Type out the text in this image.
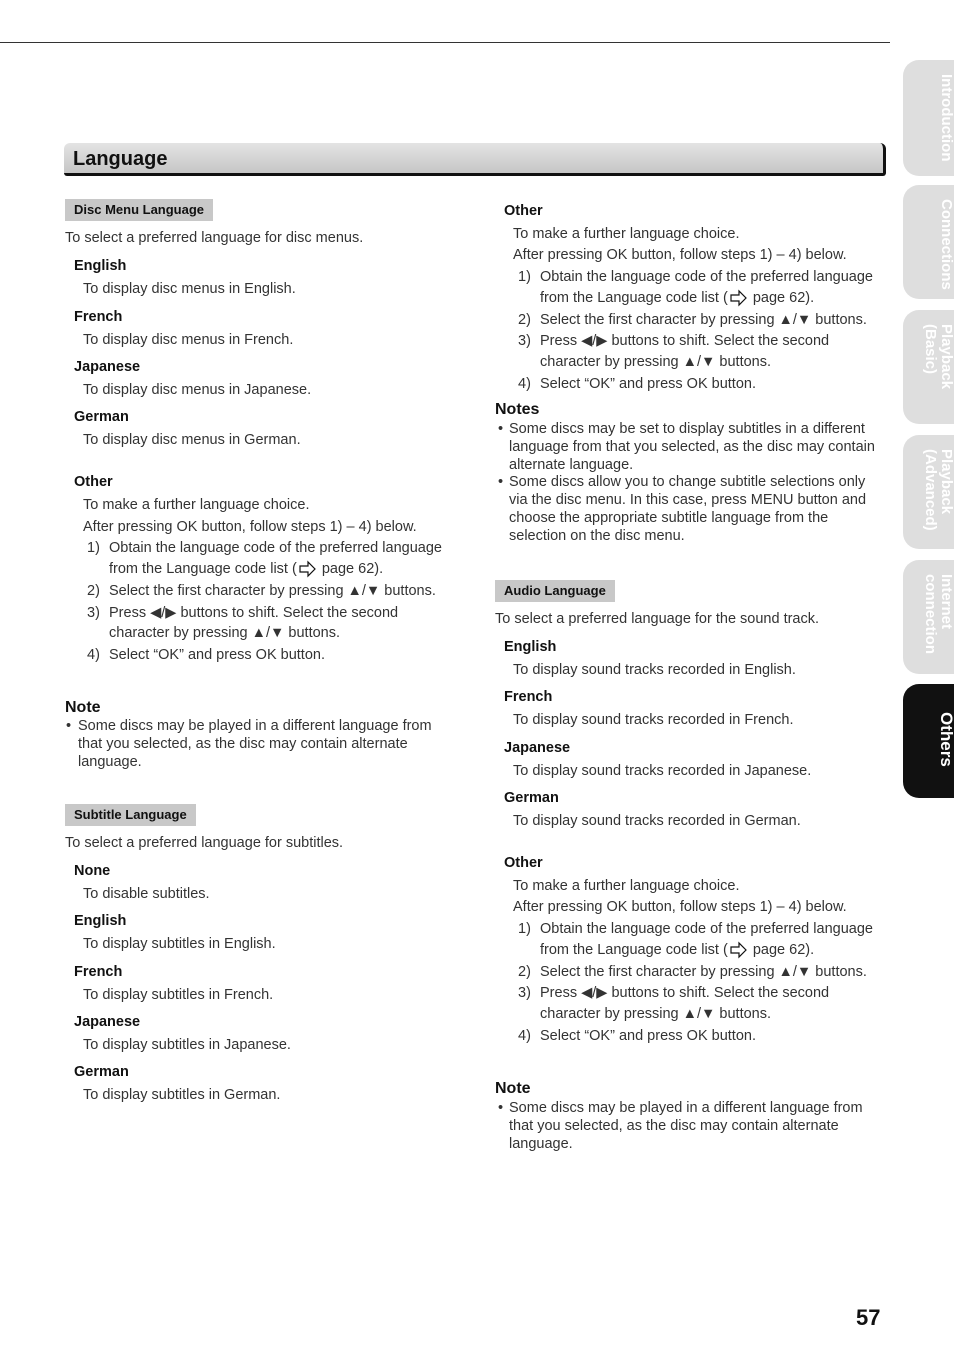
Language
Disc Menu Language
To select a preferred language for disc menus.
English
To display disc menus in English.
French
To display disc menus in French.
Japanese
To display disc menus in Japanese.
German
To display disc menus in German.
Other
To make a further language choice.
After pressing OK button, follow steps 1) – 4) below.
1) Obtain the language code of the preferred language
from the Language code list ( page 62).
2) Select the first character by pressing ▲/▼ buttons.
3) Press ◀/▶ buttons to shift. Select the second
character by pressing ▲/▼ buttons.
4) Select “OK” and press OK button.
Note
• Some discs may be played in a different language from that you selected, as the disc may contain alternate language.
Subtitle Language
To select a preferred language for subtitles.
None
To disable subtitles.
English
To display subtitles in English.
French
To display subtitles in French.
Japanese
To display subtitles in Japanese.
German
To display subtitles in German.
Other
To make a further language choice.
After pressing OK button, follow steps 1) – 4) below.
1) Obtain the language code of the preferred language
from the Language code list ( page 62).
2) Select the first character by pressing ▲/▼ buttons.
3) Press ◀/▶ buttons to shift. Select the second
character by pressing ▲/▼ buttons.
4) Select “OK” and press OK button.
Notes
• Some discs may be set to display subtitles in a different language from that you selected, as the disc may contain alternate language.
• Some discs allow you to change subtitle selections only via the disc menu. In this case, press MENU button and choose the appropriate subtitle language from the selection on the disc menu.
Audio Language
To select a preferred language for the sound track.
English
To display sound tracks recorded in English.
French
To display sound tracks recorded in French.
Japanese
To display sound tracks recorded in Japanese.
German
To display sound tracks recorded in German.
Other
To make a further language choice.
After pressing OK button, follow steps 1) – 4) below.
1) Obtain the language code of the preferred language
from the Language code list ( page 62).
2) Select the first character by pressing ▲/▼ buttons.
3) Press ◀/▶ buttons to shift. Select the second
character by pressing ▲/▼ buttons.
4) Select “OK” and press OK button.
Note
• Some discs may be played in a different language from that you selected, as the disc may contain alternate language.
Introduction
Connections
Playback
(Basic)
Playback
(Advanced)
Internet
connection
Others
57
